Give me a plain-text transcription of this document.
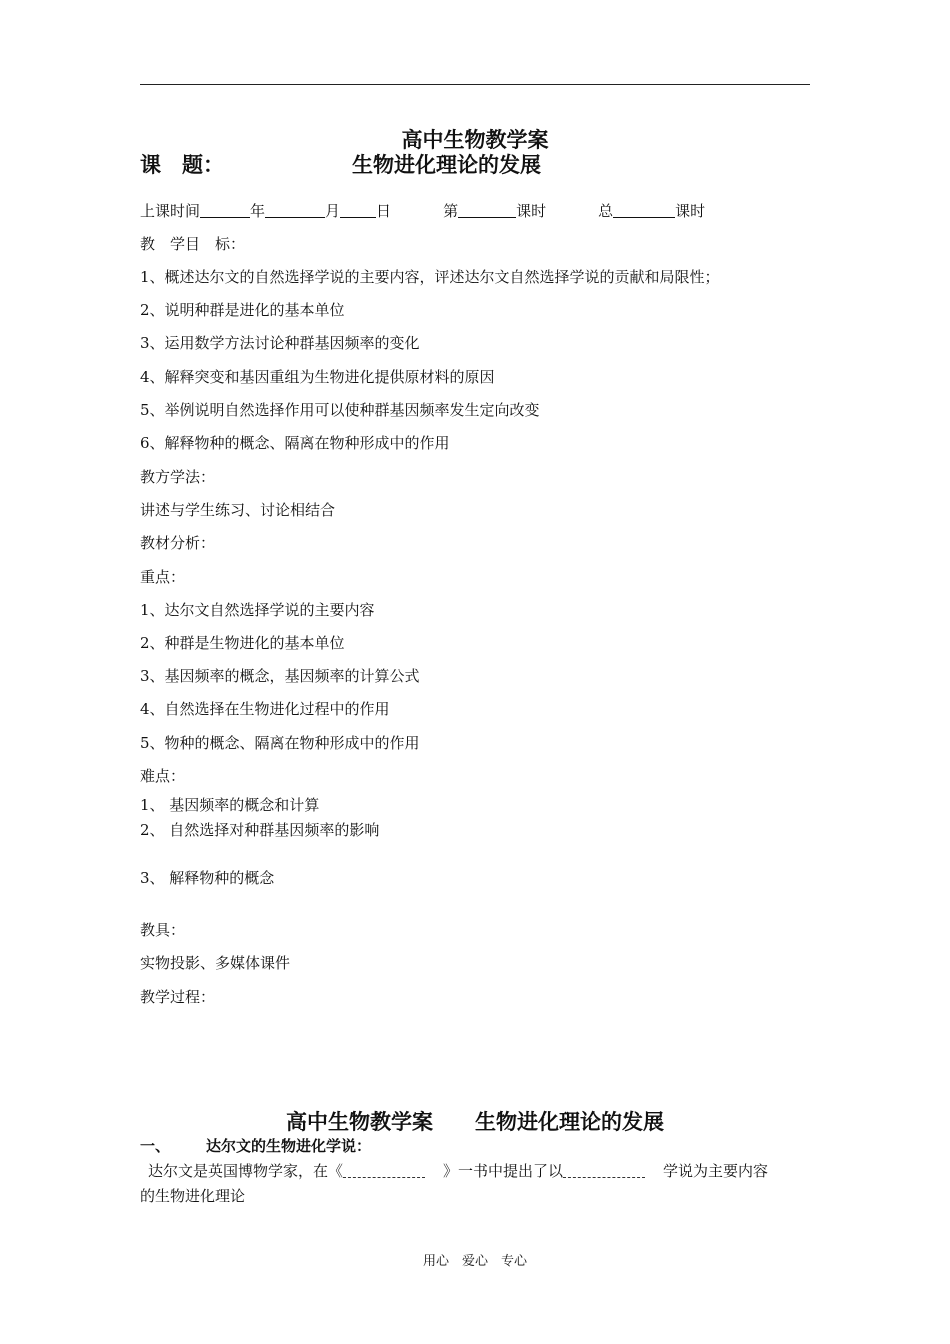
高中生物教学案
课　题：	生物进化理论的发展
上课时间	年	月 日	第	课时	总	课时
教　学目　标：
1、概述达尔文的自然选择学说的主要内容，评述达尔文自然选择学说的贡献和局限性；
2、说明种群是进化的基本单位
3、运用数学方法讨论种群基因频率的变化
4、解释突变和基因重组为生物进化提供原材料的原因
5、举例说明自然选择作用可以使种群基因频率发生定向改变
6、解释物种的概念、隔离在物种形成中的作用
教方学法：
讲述与学生练习、讨论相结合
教材分析：
重点：
1、达尔文自然选择学说的主要内容
2、种群是生物进化的基本单位
3、基因频率的概念，基因频率的计算公式
4、自然选择在生物进化过程中的作用
5、物种的概念、隔离在物种形成中的作用
难点：
1、 基因频率的概念和计算
2、 自然选择对种群基因频率的影响
3、 解释物种的概念
教具：
实物投影、多媒体课件
教学过程：
高中生物教学案　　生物进化理论的发展
一、 达尔文的生物进化学说：
达尔文是英国博物学家，在《	》一书中提出了以	学说为主要内容
的生物进化理论
用心　爱心　专心
